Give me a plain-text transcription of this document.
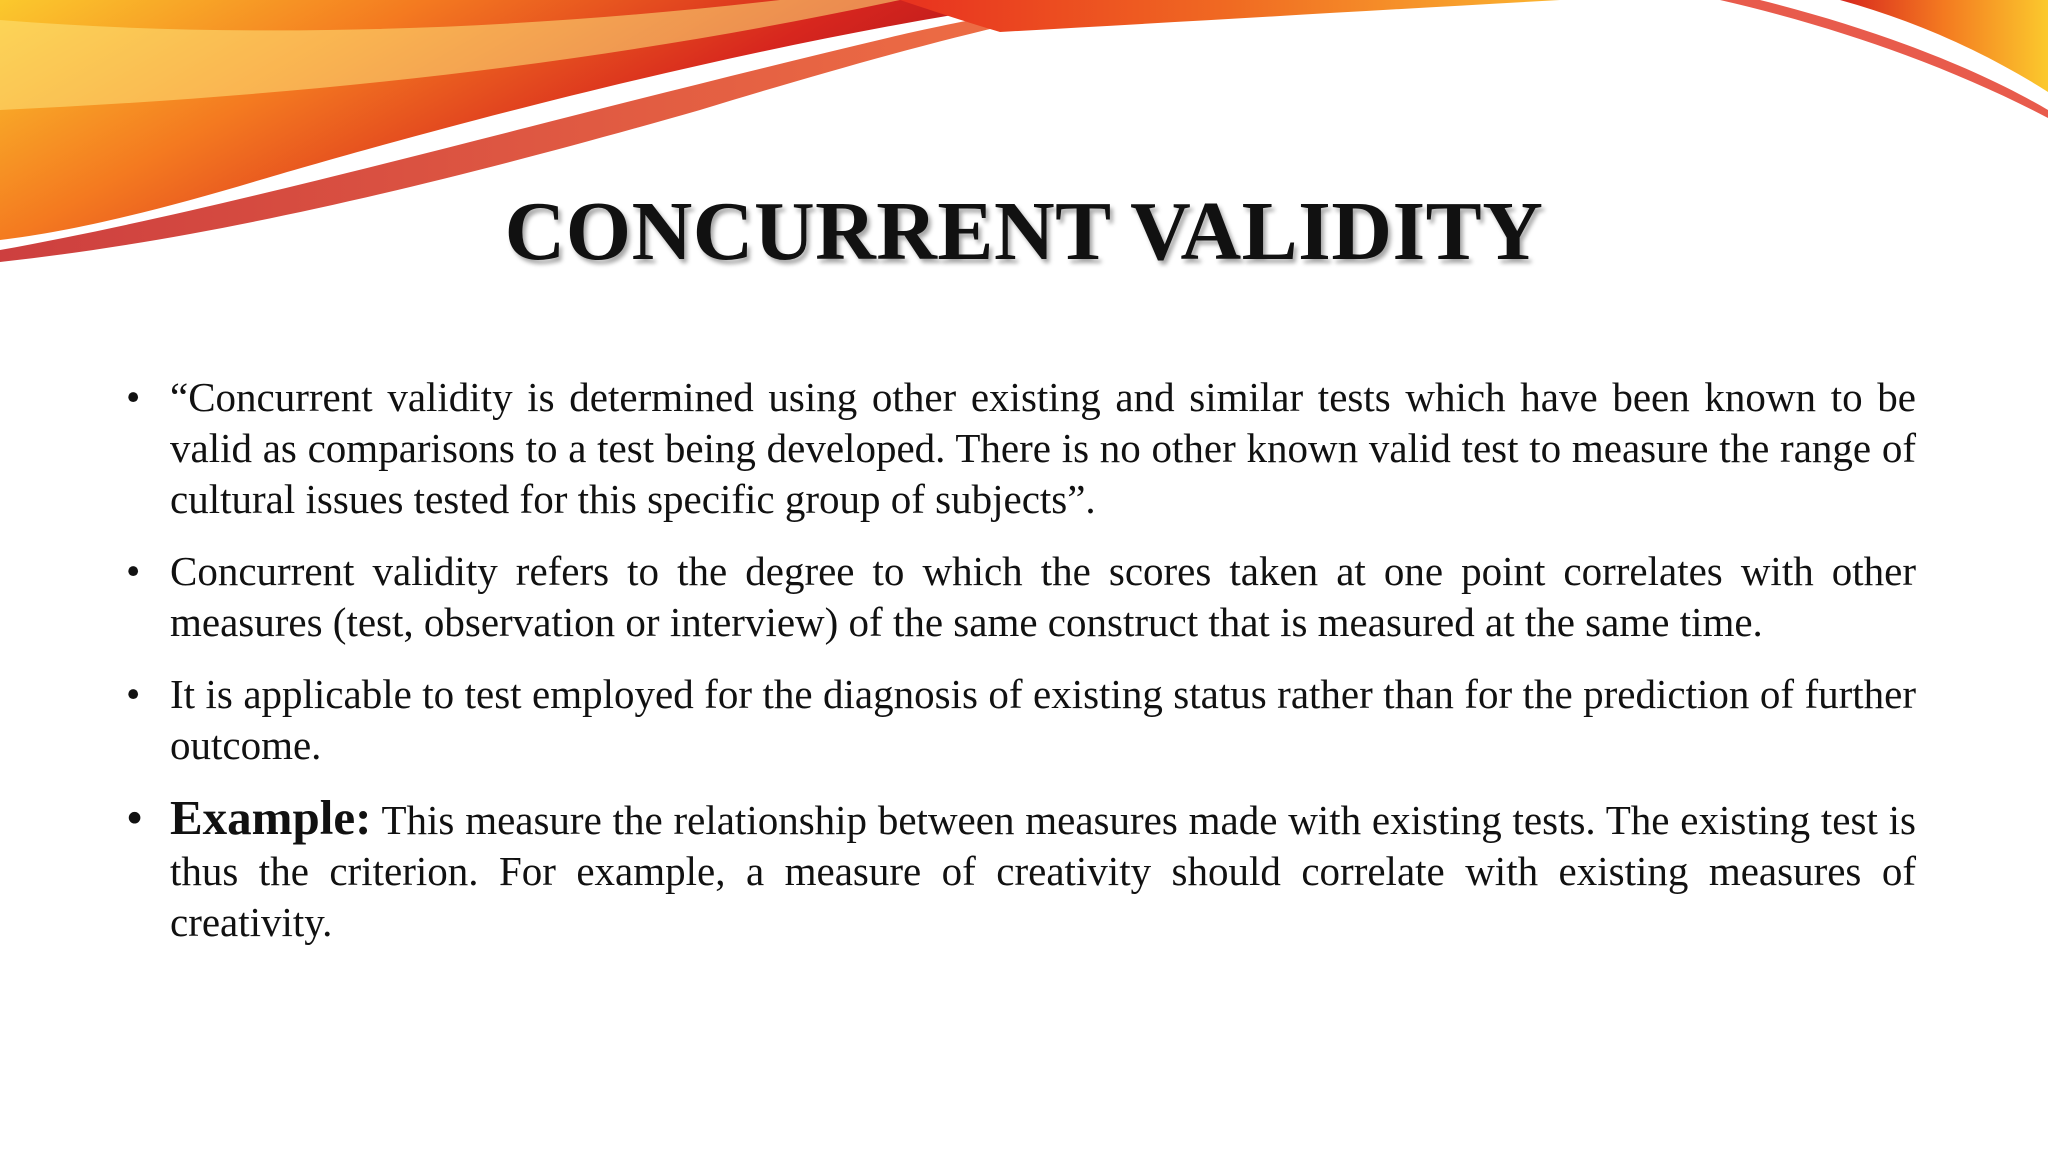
CONCURRENT VALIDITY
• “Concurrent validity is determined using other existing and similar tests which have been known to be valid as comparisons to a test being developed. There is no other known valid test to measure the range of cultural issues tested for this specific group of subjects”.
• Concurrent validity refers to the degree to which the scores taken at one point correlates with other measures (test, observation or interview) of the same construct that is measured at the same time.
• It is applicable to test employed for the diagnosis of existing status rather than for the prediction of further outcome.
• Example: This measure the relationship between measures made with existing tests. The existing test is thus the criterion. For example, a measure of creativity should correlate with existing measures of creativity.
